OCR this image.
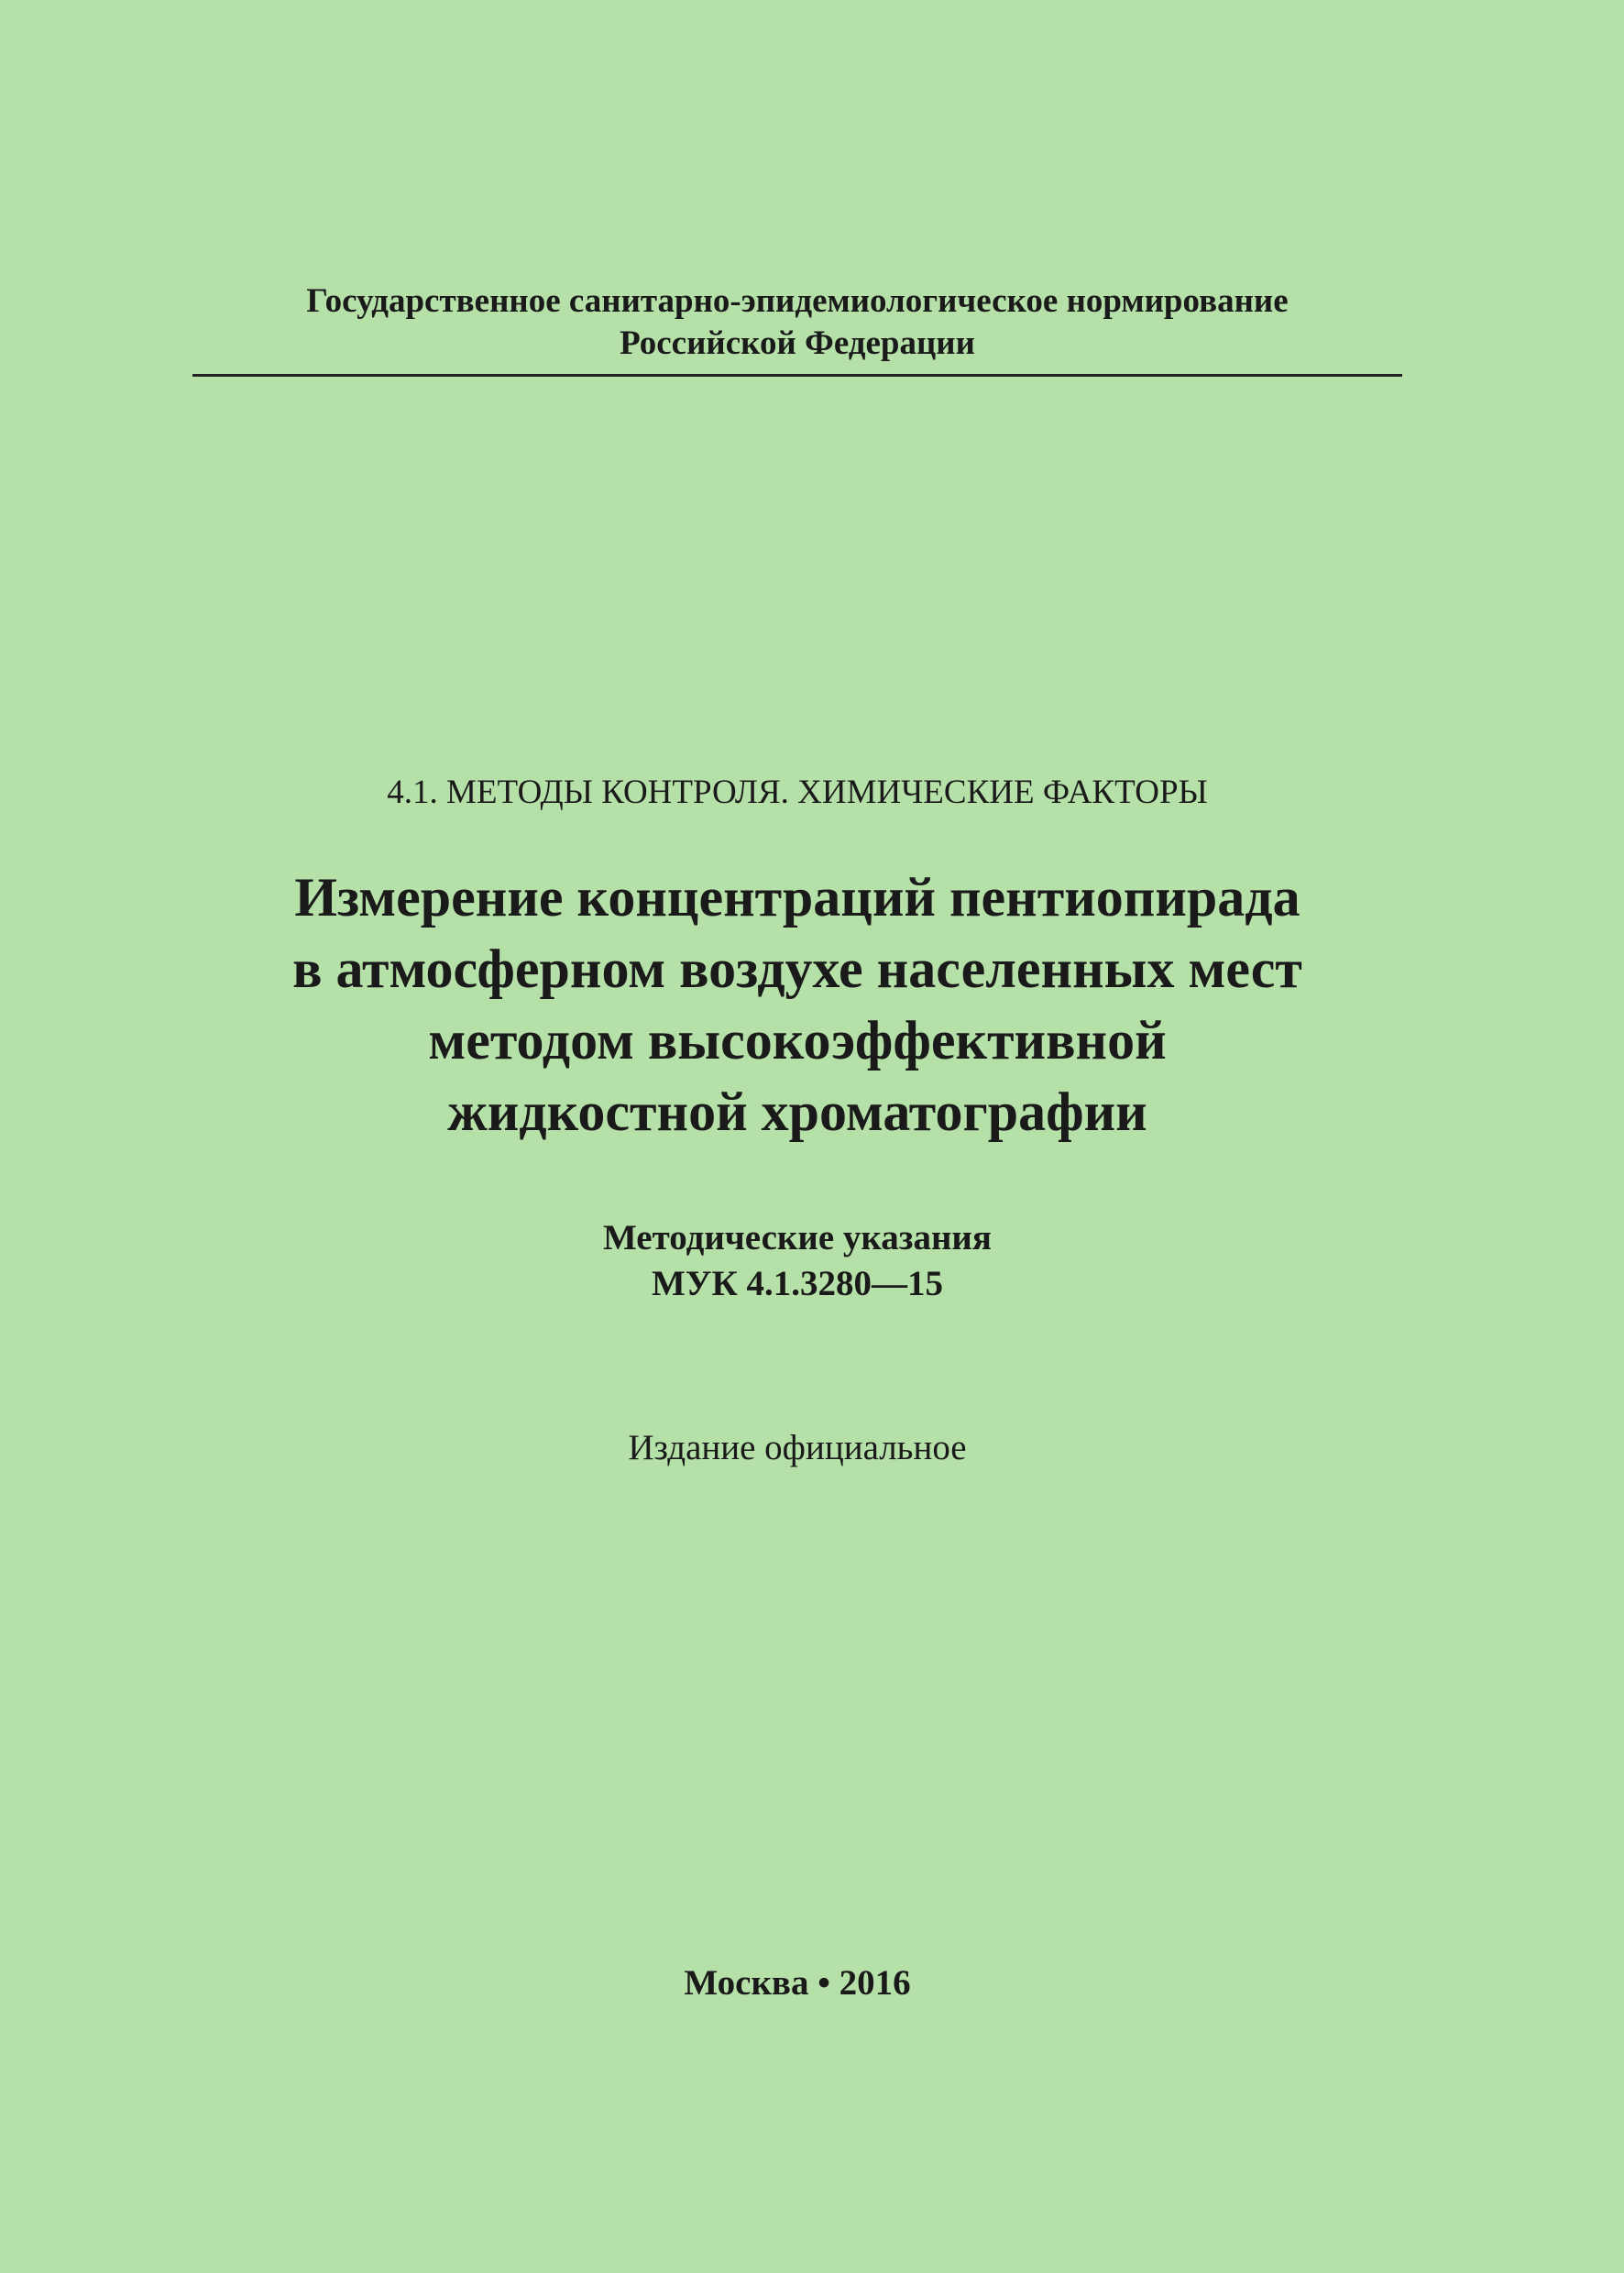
Государственное санитарно-эпидемиологическое нормирование
Российской Федерации
4.1. МЕТОДЫ КОНТРОЛЯ. ХИМИЧЕСКИЕ ФАКТОРЫ
Измерение концентраций пентиопирада
в атмосферном воздухе населенных мест
методом высокоэффективной
жидкостной хроматографии
Методические указания
МУК 4.1.3280—15
Издание официальное
Москва • 2016
